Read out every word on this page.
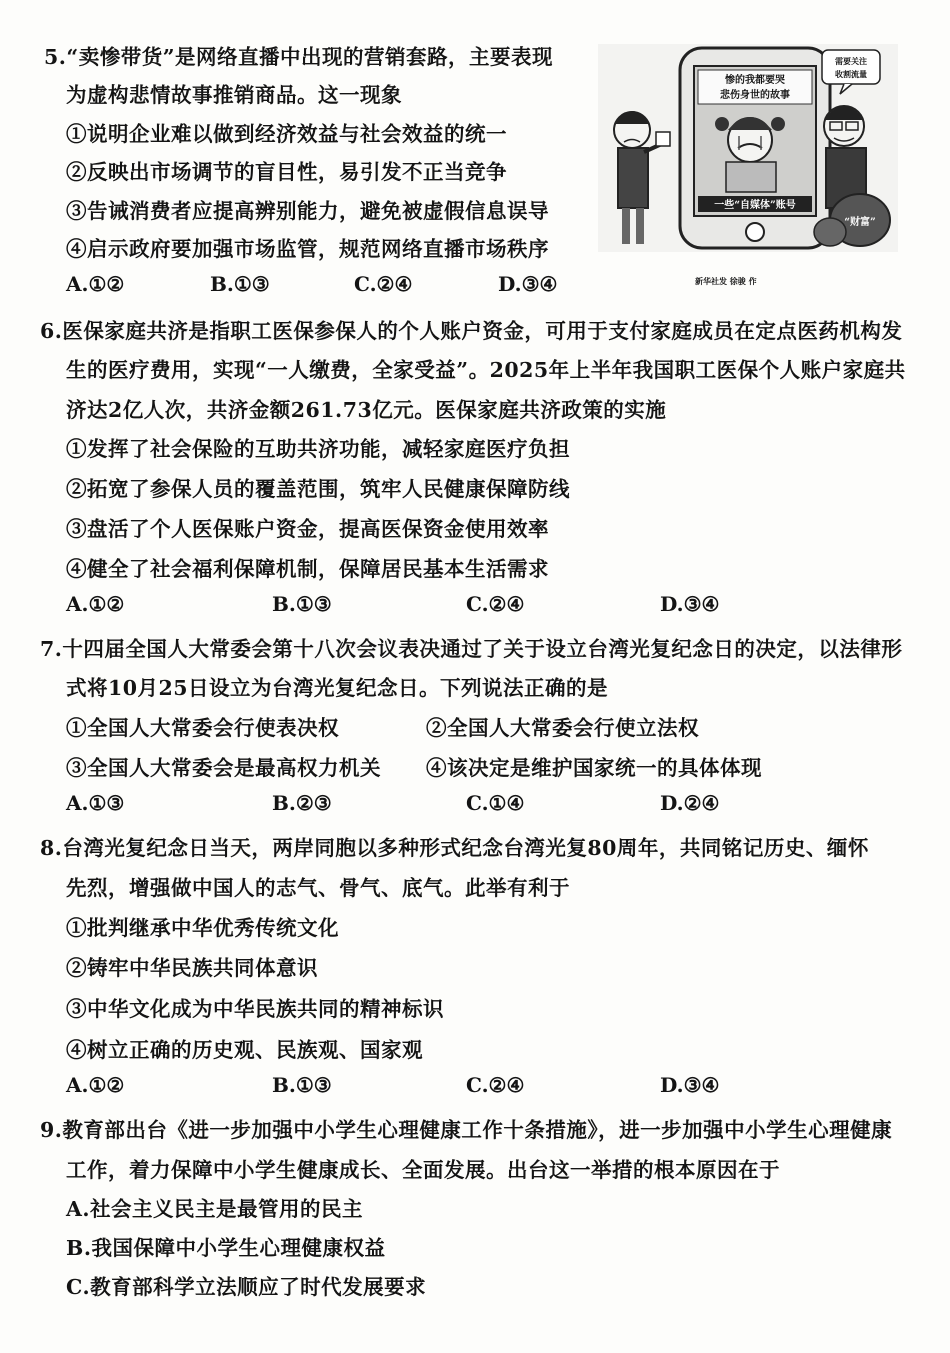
5.“卖惨带货”是网络直播中出现的营销套路，主要表现
为虚构悲情故事推销商品。这一现象
①说明企业难以做到经济效益与社会效益的统一
②反映出市场调节的盲目性，易引发不正当竞争
③告诫消费者应提高辨别能力，避免被虚假信息误导
④启示政府要加强市场监管，规范网络直播市场秩序
A.①②	B.①③	C.②④	D.③④
惨的我都要哭
悲伤身世的故事
一些“自媒体”账号
需要关注
收割流量
“财富”
新华社发 徐骏 作
6.医保家庭共济是指职工医保参保人的个人账户资金，可用于支付家庭成员在定点医药机构发
生的医疗费用，实现“一人缴费，全家受益”。2025年上半年我国职工医保个人账户家庭共
济达2亿人次，共济金额261.73亿元。医保家庭共济政策的实施
①发挥了社会保险的互助共济功能，减轻家庭医疗负担
②拓宽了参保人员的覆盖范围，筑牢人民健康保障防线
③盘活了个人医保账户资金，提高医保资金使用效率
④健全了社会福利保障机制，保障居民基本生活需求
A.①②	B.①③	C.②④	D.③④
7.十四届全国人大常委会第十八次会议表决通过了关于设立台湾光复纪念日的决定，以法律形
式将10月25日设立为台湾光复纪念日。下列说法正确的是
①全国人大常委会行使表决权	②全国人大常委会行使立法权
③全国人大常委会是最高权力机关 ④该决定是维护国家统一的具体体现
A.①③	B.②③	C.①④	D.②④
8.台湾光复纪念日当天，两岸同胞以多种形式纪念台湾光复80周年，共同铭记历史、缅怀
先烈，增强做中国人的志气、骨气、底气。此举有利于
①批判继承中华优秀传统文化
②铸牢中华民族共同体意识
③中华文化成为中华民族共同的精神标识
④树立正确的历史观、民族观、国家观
A.①②	B.①③	C.②④	D.③④
9.教育部出台《进一步加强中小学生心理健康工作十条措施》，进一步加强中小学生心理健康
工作，着力保障中小学生健康成长、全面发展。出台这一举措的根本原因在于
A.社会主义民主是最管用的民主
B.我国保障中小学生心理健康权益
C.教育部科学立法顺应了时代发展要求
